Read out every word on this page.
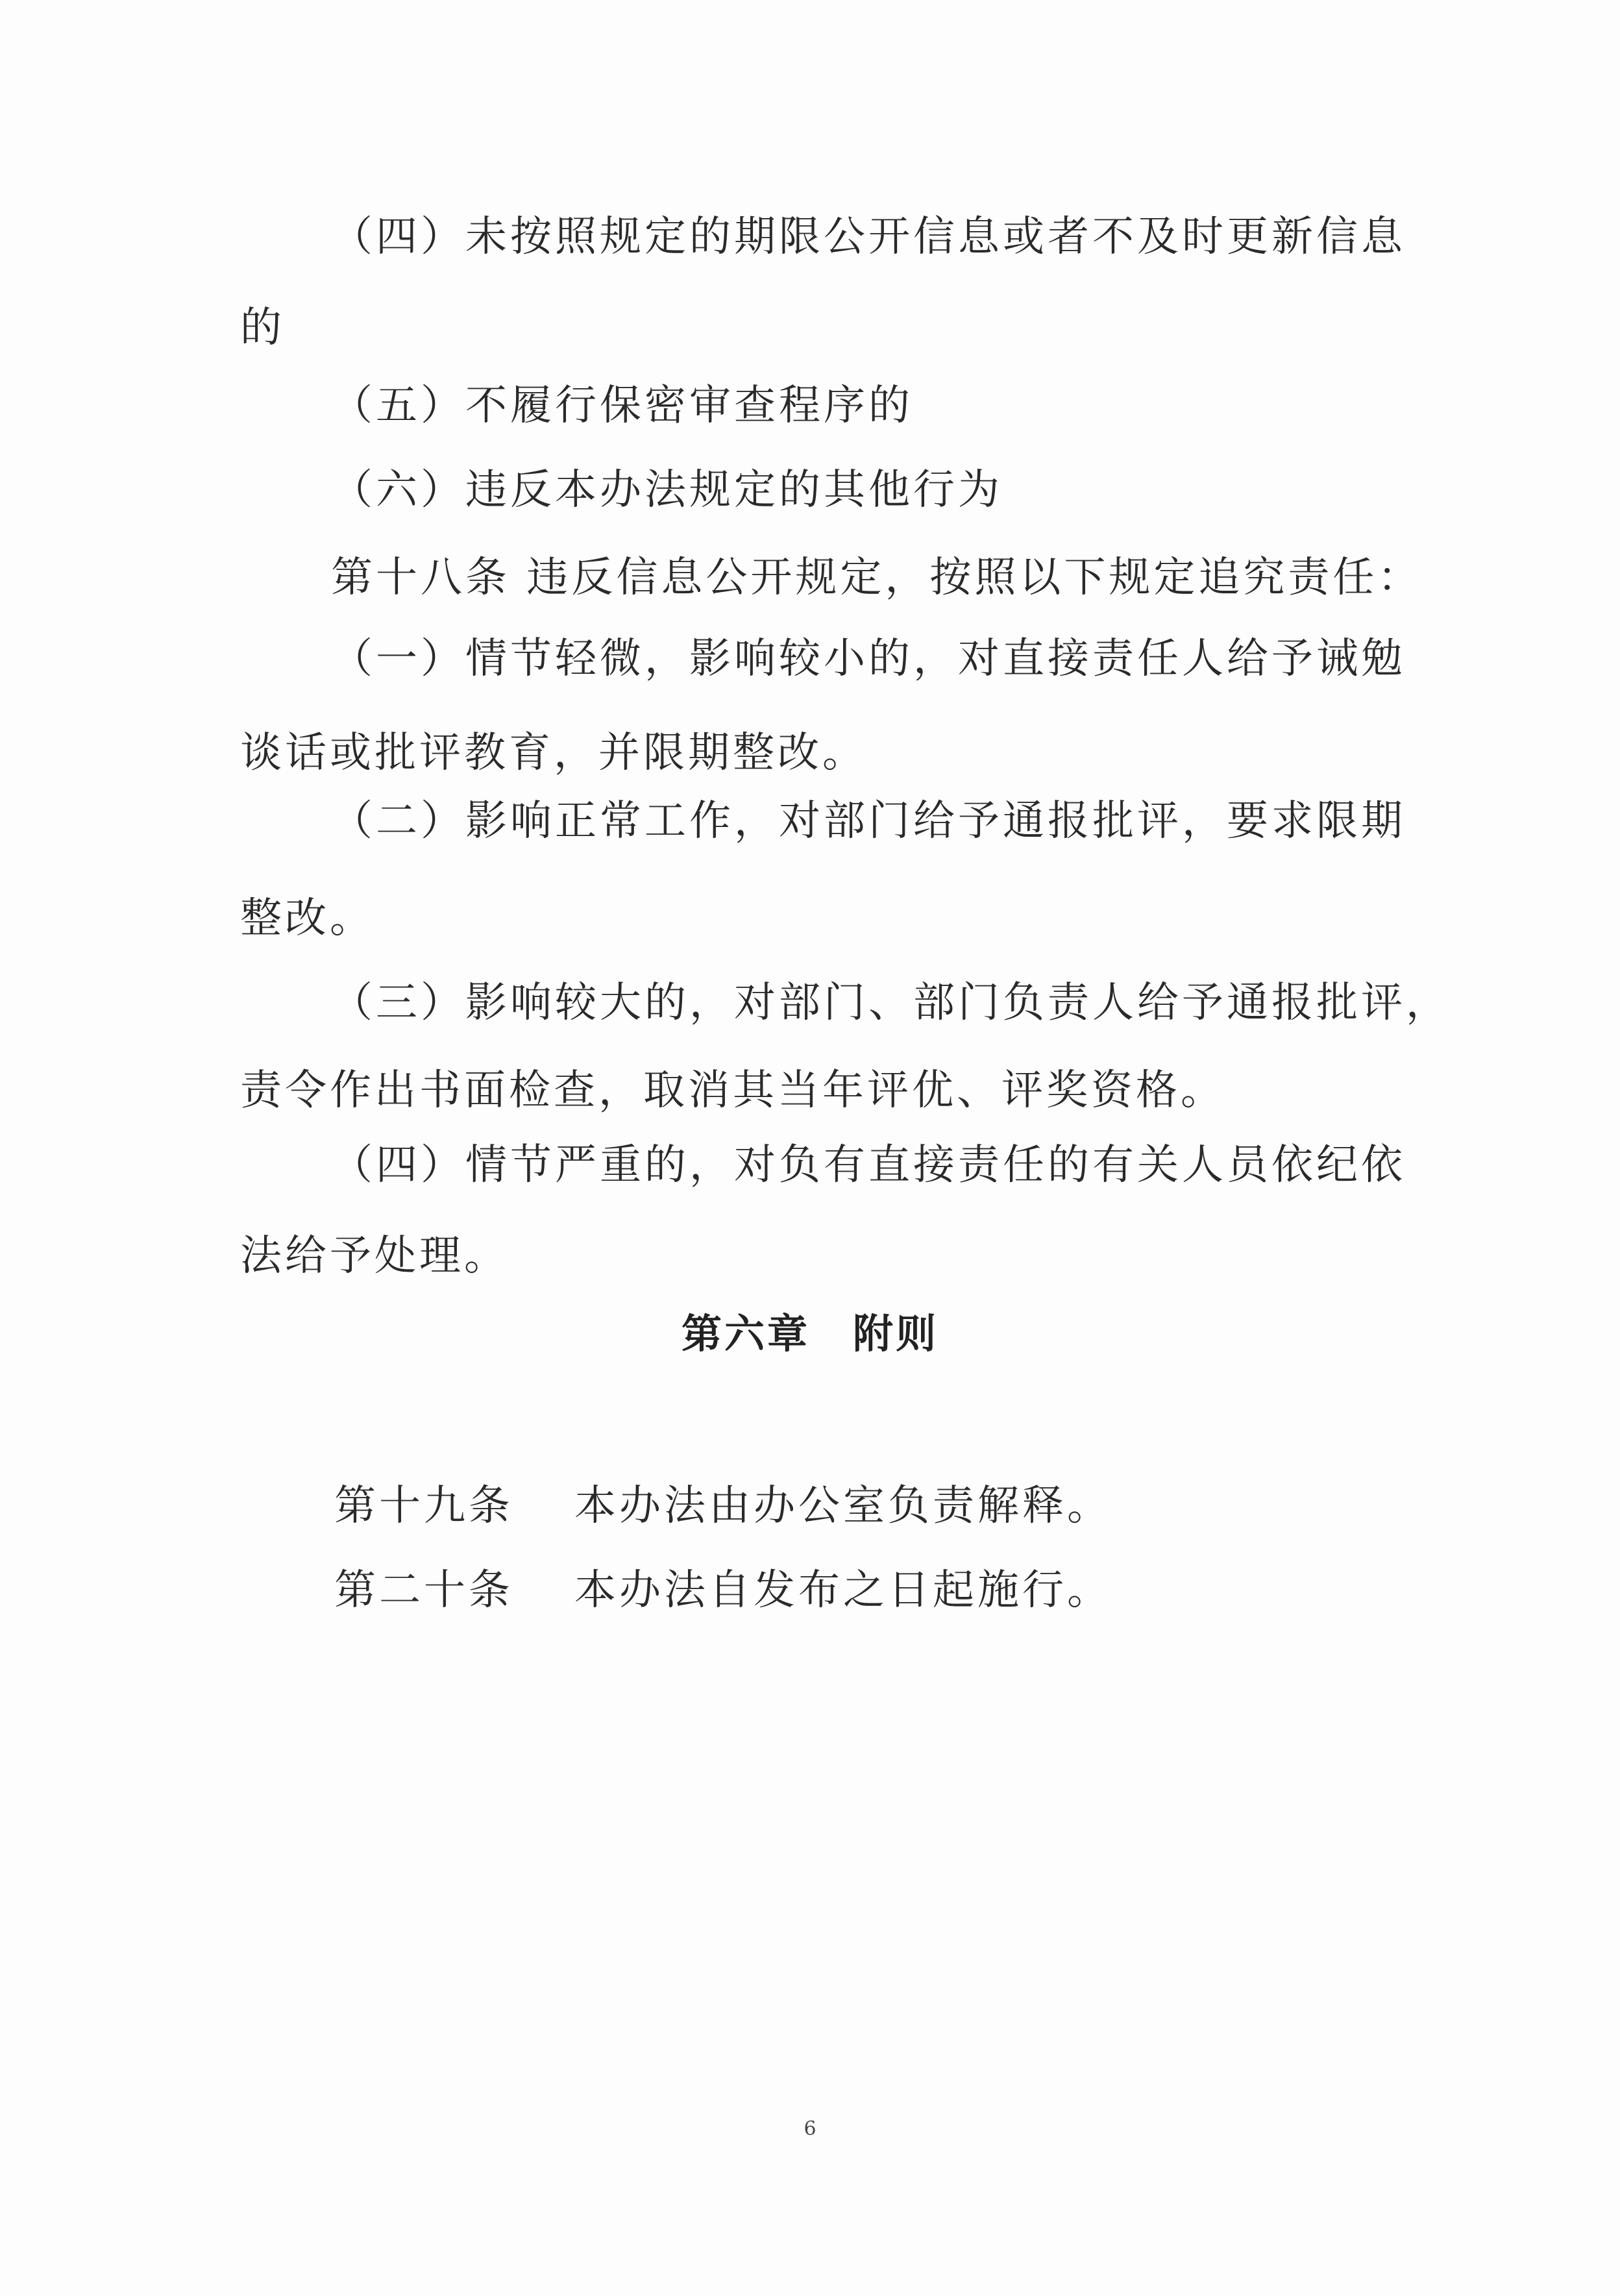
（四）未按照规定的期限公开信息或者不及时更新信息
的
（五）不履行保密审查程序的
（六）违反本办法规定的其他行为
第十八条 违反信息公开规定，按照以下规定追究责任：
（一）情节轻微，影响较小的，对直接责任人给予诫勉
谈话或批评教育，并限期整改。
（二）影响正常工作，对部门给予通报批评，要求限期
整改。
（三）影响较大的，对部门、部门负责人给予通报批评，
责令作出书面检查，取消其当年评优、评奖资格。
（四）情节严重的，对负有直接责任的有关人员依纪依
法给予处理。
第六章　附则
第十九条 本办法由办公室负责解释。
第二十条 本办法自发布之日起施行。
6
